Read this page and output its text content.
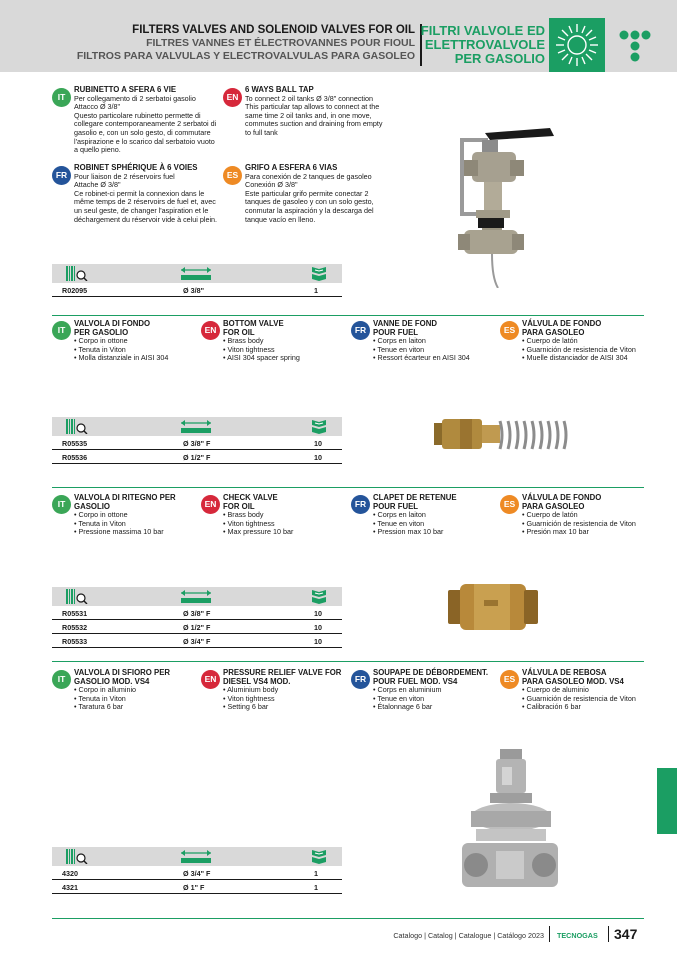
FILTERS VALVES AND SOLENOID VALVES FOR OIL
FILTRES VANNES ET ÉLECTROVANNES POUR FIOUL
FILTROS PARA VALVULAS Y ELECTROVALVULAS PARA GASOLEO
FILTRI VALVOLE ED
ELETTROVALVOLE
PER GASOLIO
IT
RUBINETTO A SFERA 6 VIE
Per collegamento di 2 serbatoi gasolio
Attacco Ø 3/8"
Questo particolare rubinetto permette di
collegare contemporaneamente 2 serbatoi di
gasolio e, con un solo gesto, di commutare
l'aspirazione e lo scarico dal serbatoio vuoto
a quello pieno.
EN
6 WAYS BALL TAP
To connect 2 oil tanks Ø 3/8" connection
This particular tap allows to connect at the
same time 2 oil tanks and, in one move,
commutes suction and draining from empty
to full tank
FR
ROBINET SPHÉRIQUE À 6 VOIES
Pour liaison de 2 réservoirs fuel
Attache Ø 3/8"
Ce robinet-ci permit la connexion dans le
même temps de 2 réservoirs de fuel et, avec
un seul geste, de changer l'aspiration et le
déchargement du réservoir vide à celui plein.
ES
GRIFO A ESFERA 6 VIAS
Para conexión de 2 tanques de gasoleo
Conexión Ø 3/8"
Este particular grifo permite conectar 2
tanques de gasoleo y con un solo gesto,
conmutar la aspiración y la descarga del
tanque vacío en lleno.
R02095	Ø 3/8"	1
IT
VALVOLA DI FONDO
PER GASOLIO
• Corpo in ottone
• Tenuta in Viton
• Molla distanziale in AISI 304
EN
BOTTOM VALVE
FOR OIL
• Brass body
• Viton tightness
• AISI 304 spacer spring
FR
VANNE DE FOND
POUR FUEL
• Corps en laiton
• Tenue en viton
• Ressort écarteur en AISI 304
ES
VÁLVULA DE FONDO
PARA GASOLEO
• Cuerpo de latón
• Guarnición de resistencia de Viton
• Muelle distanciador de AISI 304
R05535	Ø 3/8" F	10
R05536	Ø 1/2" F	10
IT
VALVOLA DI RITEGNO PER
GASOLIO
• Corpo in ottone
• Tenuta in Viton
• Pressione massima 10 bar
EN
CHECK VALVE
FOR OIL
• Brass body
• Viton tightness
• Max pressure 10 bar
FR
CLAPET DE RETENUE
POUR FUEL
• Corps en laiton
• Tenue en viton
• Pression max 10 bar
ES
VÁLVULA DE FONDO
PARA GASOLEO
• Cuerpo de latón
• Guarnición de resistencia de Viton
• Presión max 10 bar
R05531	Ø 3/8" F	10
R05532	Ø 1/2" F	10
R05533	Ø 3/4" F	10
IT
VALVOLA DI SFIORO PER
GASOLIO MOD. VS4
• Corpo in alluminio
• Tenuta in Viton
• Taratura 6 bar
EN
PRESSURE RELIEF VALVE FOR
DIESEL VS4 MOD.
• Aluminium body
• Viton tightness
• Setting 6 bar
FR
SOUPAPE DE DÉBORDEMENT.
POUR FUEL MOD. VS4
• Corps en aluminium
• Tenue en viton
• Étalonnage 6 bar
ES
VÁLVULA DE REBOSA
PARA GASOLEO MOD. VS4
• Cuerpo de aluminio
• Guarnición de resistencia de Viton
• Calibración 6 bar
4320	Ø 3/4" F	1
4321	Ø 1" F	1
Catalogo | Catalog | Catalogue | Catálogo 2023 TECNOGAS 347
